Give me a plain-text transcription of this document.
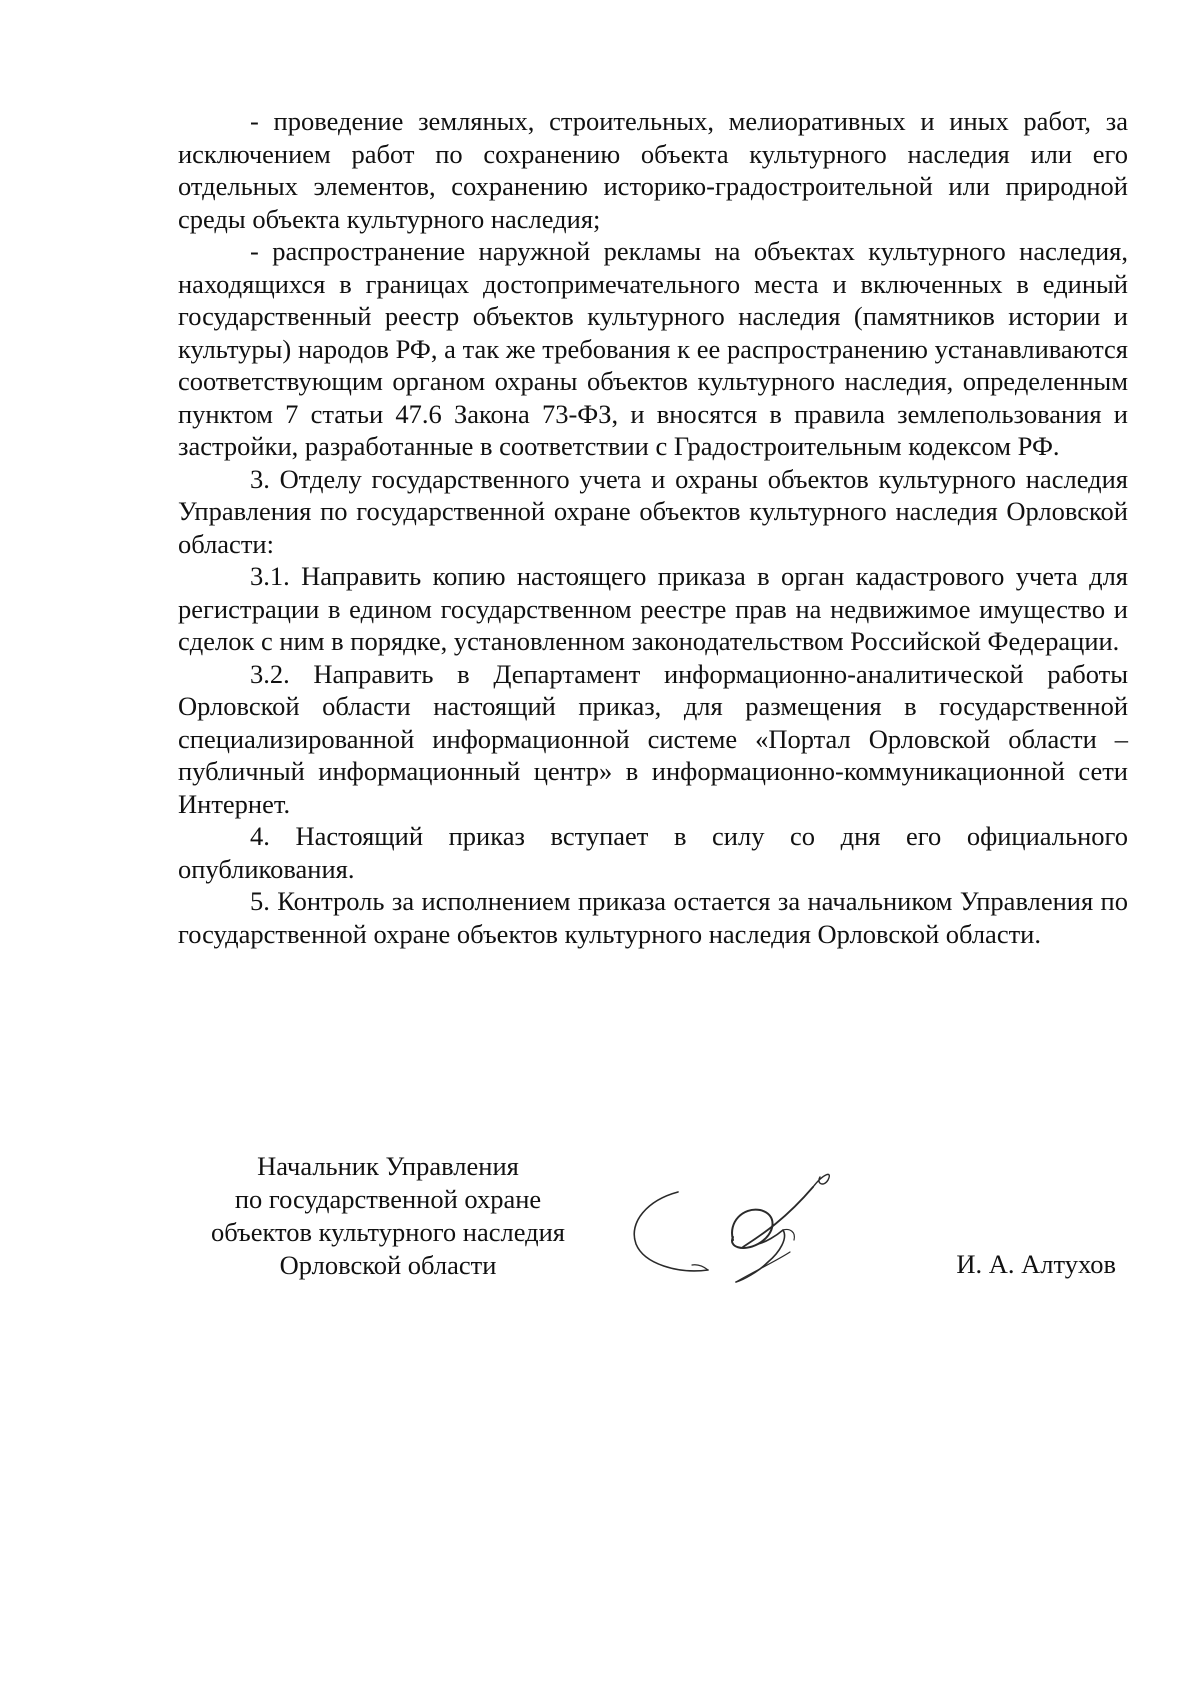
- проведение земляных, строительных, мелиоративных и иных работ, за исключением работ по сохранению объекта культурного наследия или его отдельных элементов, сохранению историко-градостроительной или природной среды объекта культурного наследия;

- распространение наружной рекламы на объектах культурного наследия, находящихся в границах достопримечательного места и включенных в единый государственный реестр объектов культурного наследия (памятников истории и культуры) народов РФ, а так же требования к ее распространению устанавливаются соответствующим органом охраны объектов культурного наследия, определенным пунктом 7 статьи 47.6 Закона 73-ФЗ, и вносятся в правила землепользования и застройки, разработанные в соответствии с Градостроительным кодексом РФ.

3. Отделу государственного учета и охраны объектов культурного наследия Управления по государственной охране объектов культурного наследия Орловской области:

3.1. Направить копию настоящего приказа в орган кадастрового учета для регистрации в едином государственном реестре прав на недвижимое имущество и сделок с ним в порядке, установленном законодательством Российской Федерации.

3.2. Направить в Департамент информационно-аналитической работы Орловской области настоящий приказ, для размещения в государственной специализированной информационной системе «Портал Орловской области – публичный информационный центр» в информационно-коммуникационной сети Интернет.

4. Настоящий приказ вступает в силу со дня его официального опубликования.

5. Контроль за исполнением приказа остается за начальником Управления по государственной охране объектов культурного наследия Орловской области.

Начальник Управления
по государственной охране
объектов культурного наследия
Орловской области	И. А. Алтухов
